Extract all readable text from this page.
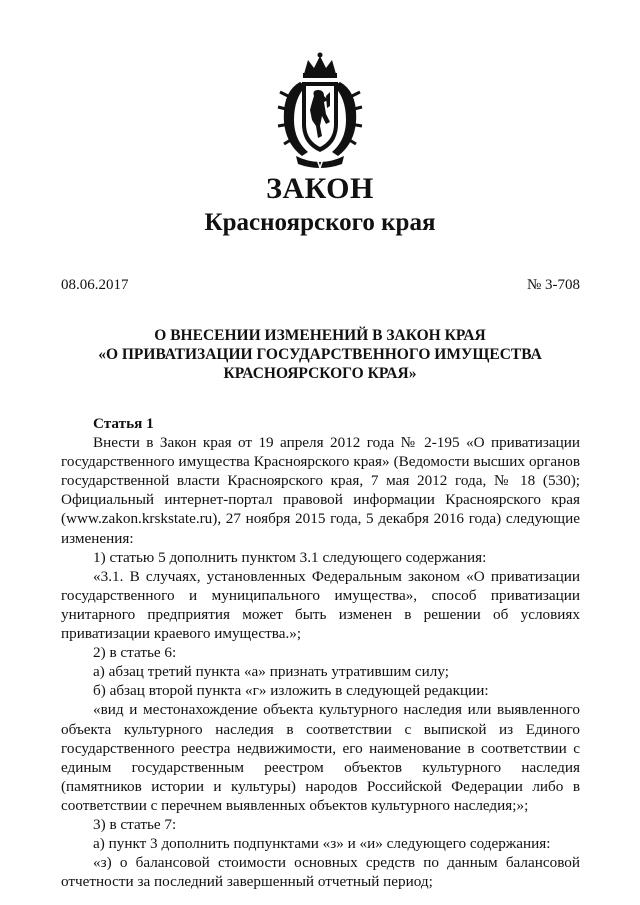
ЗАКОН
Красноярского края
08.06.2017	№ 3-708
О ВНЕСЕНИИ ИЗМЕНЕНИЙ В ЗАКОН КРАЯ
«О ПРИВАТИЗАЦИИ ГОСУДАРСТВЕННОГО ИМУЩЕСТВА
КРАСНОЯРСКОГО КРАЯ»

Статья 1

Внести в Закон края от 19 апреля 2012 года № 2-195 «О приватизации государственного имущества Красноярского края» (Ведомости высших органов государственной власти Красноярского края, 7 мая 2012 года, № 18 (530); Официальный интернет-портал правовой информации Красноярского края (www.zakon.krskstate.ru), 27 ноября 2015 года, 5 декабря 2016 года) следующие изменения:

1) статью 5 дополнить пунктом 3.1 следующего содержания:

«3.1. В случаях, установленных Федеральным законом «О приватизации государственного и муниципального имущества», способ приватизации унитарного предприятия может быть изменен в решении об условиях приватизации краевого имущества.»;

2) в статье 6:

а) абзац третий пункта «а» признать утратившим силу;

б) абзац второй пункта «г» изложить в следующей редакции:

«вид и местонахождение объекта культурного наследия или выявленного объекта культурного наследия в соответствии с выпиской из Единого государственного реестра недвижимости, его наименование в соответствии с единым государственным реестром объектов культурного наследия (памятников истории и культуры) народов Российской Федерации либо в соответствии с перечнем выявленных объектов культурного наследия;»;

3) в статье 7:

а) пункт 3 дополнить подпунктами «з» и «и» следующего содержания:

«з) о балансовой стоимости основных средств по данным балансовой отчетности за последний завершенный отчетный период;
